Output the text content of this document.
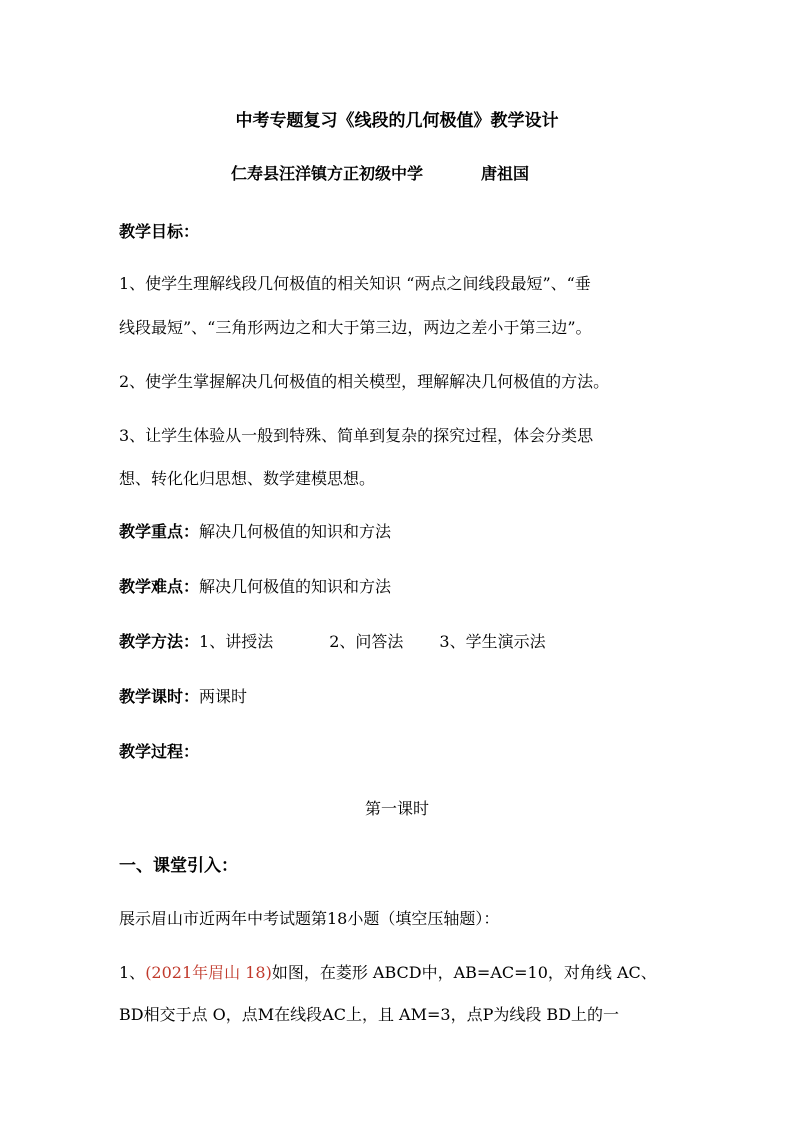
中考专题复习《线段的几何极值》教学设计
仁寿县汪洋镇方正初级中学	唐祖国
教学目标：
1、使学生理解线段几何极值的相关知识 “两点之间线段最短”、“垂
线段最短”、“三角形两边之和大于第三边，两边之差小于第三边”。
2、使学生掌握解决几何极值的相关模型，理解解决几何极值的方法。
3、让学生体验从一般到特殊、简单到复杂的探究过程，体会分类思
想、转化化归思想、数学建模思想。
教学重点：解决几何极值的知识和方法
教学难点：解决几何极值的知识和方法
教学方法：1、讲授法	2、问答法 3、学生演示法
教学课时：两课时
教学过程：
第一课时
一、课堂引入：
展示眉山市近两年中考试题第18小题（填空压轴题）：
1、(2021年眉山 18)如图，在菱形 ABCD中，AB=AC=10，对角线 AC、
BD相交于点 O，点M在线段AC上，且 AM=3，点P为线段 BD上的一
